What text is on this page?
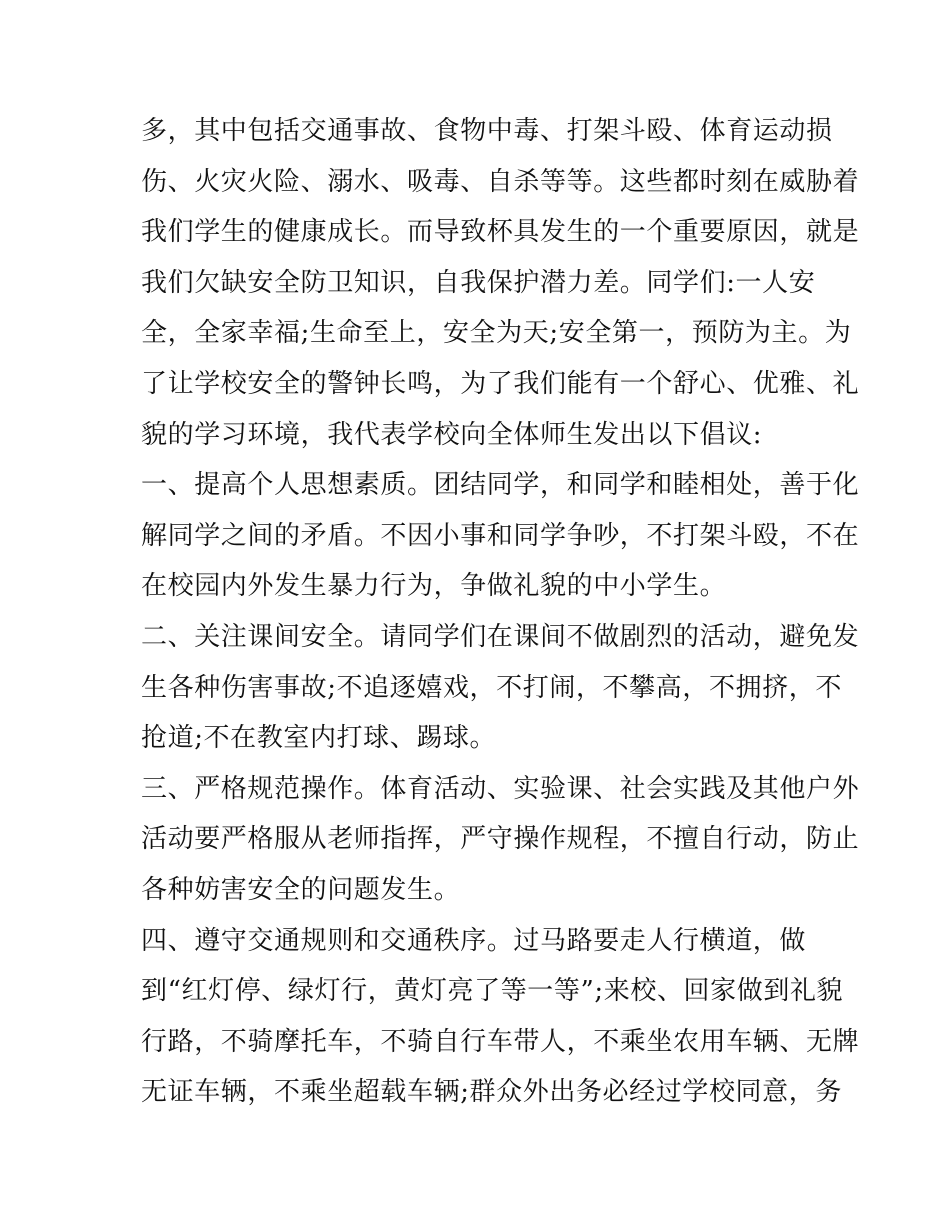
多，其中包括交通事故、食物中毒、打架斗殴、体育运动损
伤、火灾火险、溺水、吸毒、自杀等等。这些都时刻在威胁着
我们学生的健康成长。而导致杯具发生的一个重要原因，就是
我们欠缺安全防卫知识，自我保护潜力差。同学们:一人安
全，全家幸福;生命至上，安全为天;安全第一，预防为主。为
了让学校安全的警钟长鸣，为了我们能有一个舒心、优雅、礼
貌的学习环境，我代表学校向全体师生发出以下倡议:
一、提高个人思想素质。团结同学，和同学和睦相处，善于化
解同学之间的矛盾。不因小事和同学争吵，不打架斗殴，不在
在校园内外发生暴力行为，争做礼貌的中小学生。
二、关注课间安全。请同学们在课间不做剧烈的活动，避免发
生各种伤害事故;不追逐嬉戏，不打闹，不攀高，不拥挤，不
抢道;不在教室内打球、踢球。
三、严格规范操作。体育活动、实验课、社会实践及其他户外
活动要严格服从老师指挥，严守操作规程，不擅自行动，防止
各种妨害安全的问题发生。
四、遵守交通规则和交通秩序。过马路要走人行横道，做
到“红灯停、绿灯行，黄灯亮了等一等”;来校、回家做到礼貌
行路，不骑摩托车，不骑自行车带人，不乘坐农用车辆、无牌
无证车辆，不乘坐超载车辆;群众外出务必经过学校同意，务
